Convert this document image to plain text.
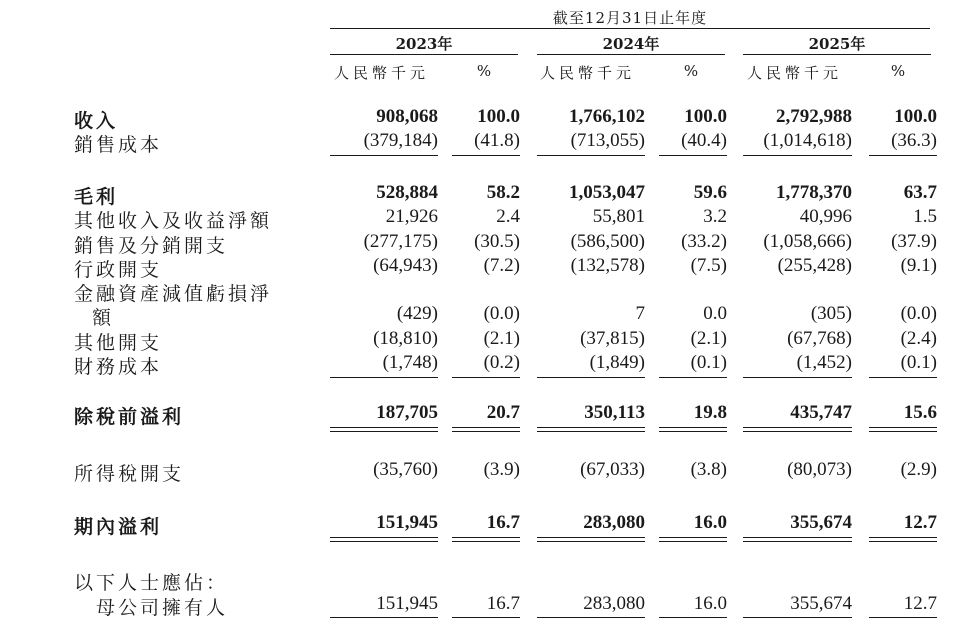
截至12月31日止年度
2023年	2024年	2025年
人民幣千元	%	人民幣千元	%	人民幣千元	%
收入	908,068 100.0	1,766,102 100.0	2,792,988 100.0
銷售成本	(379,184) (41.8)	(713,055) (40.4) (1,014,618) (36.3)
毛利	528,884	58.2	1,053,047	59.6	1,778,370	63.7
其他收入及收益淨額	21,926	2.4	55,801	3.2	40,996	1.5
銷售及分銷開支	(277,175) (30.5)	(586,500) (33.2) (1,058,666) (37.9)
行政開支	(64,943) (7.2)	(132,578) (7.5)	(255,428)	(9.1)
金融資產減值虧損淨
額	(429) (0.0)	7	0.0	(305)	(0.0)
其他開支	(18,810) (2.1)	(37,815) (2.1)	(67,768)	(2.4)
財務成本	(1,748) (0.2)	(1,849) (0.1)	(1,452)	(0.1)
除稅前溢利	187,705	20.7	350,113	19.8	435,747	15.6
所得稅開支	(35,760) (3.9)	(67,033) (3.8)	(80,073)	(2.9)
期內溢利	151,945	16.7	283,080	16.0	355,674	12.7
以下人士應佔：
母公司擁有人	151,945	16.7	283,080	16.0	355,674	12.7
